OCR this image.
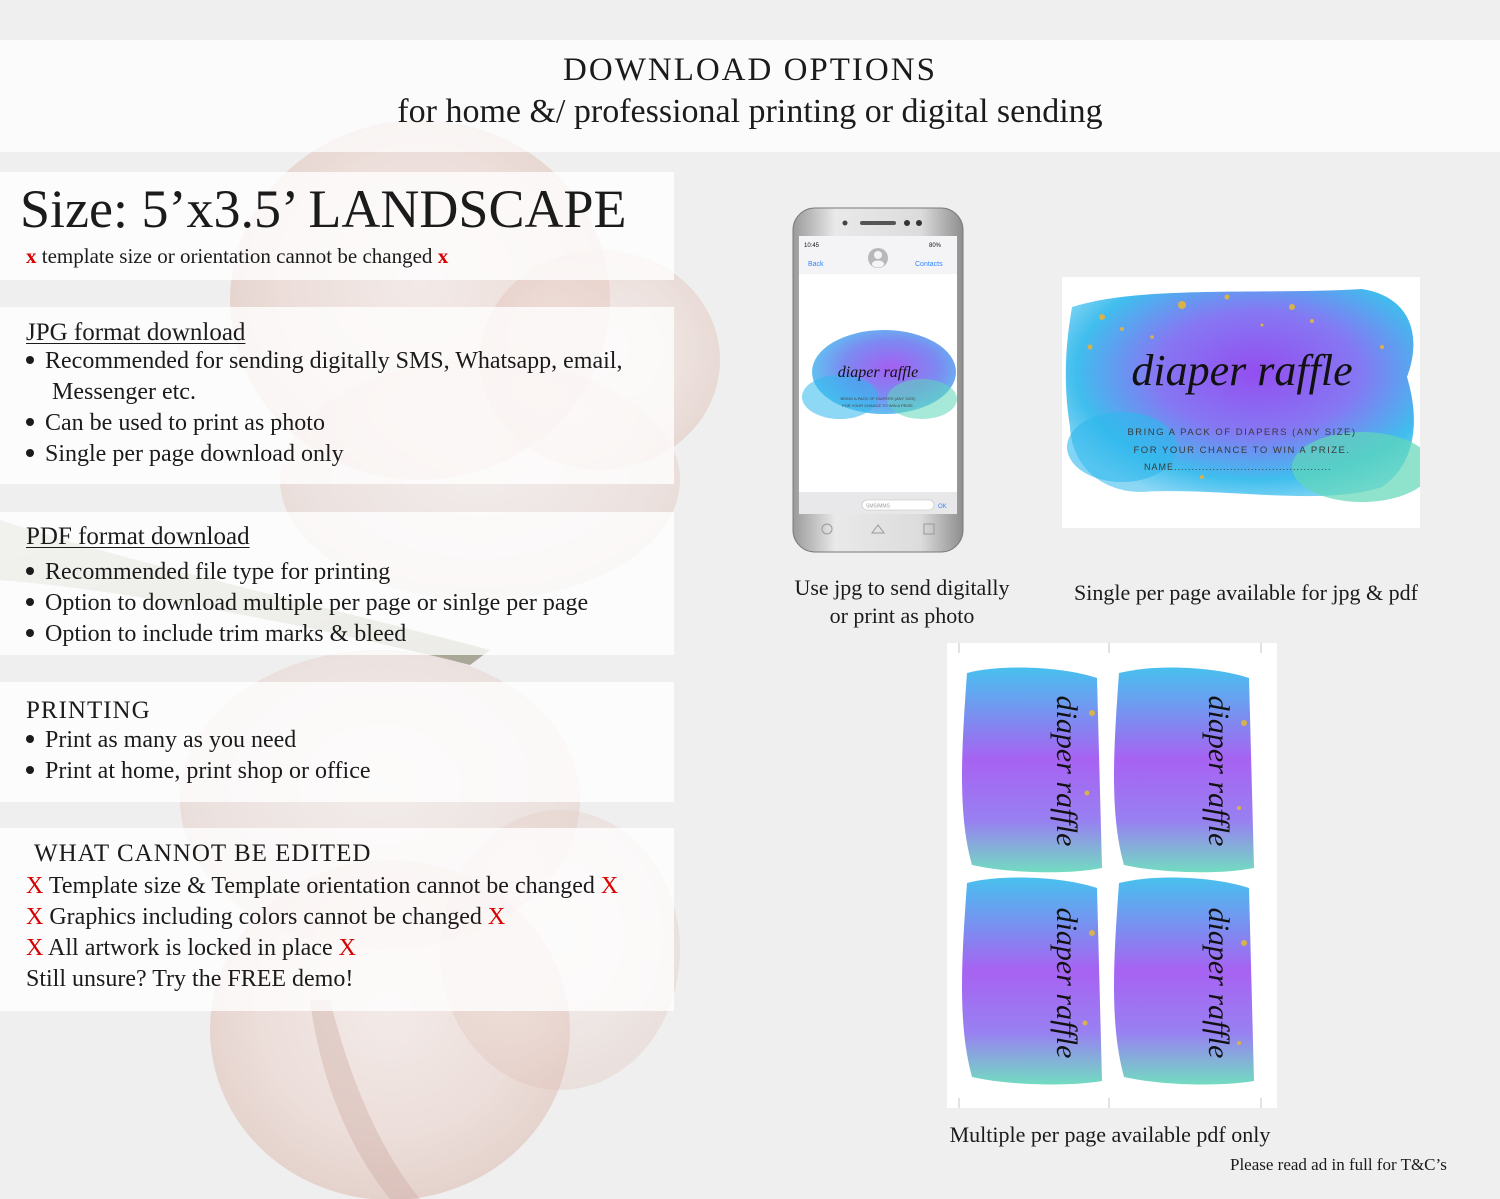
DOWNLOAD OPTIONS
for home &/ professional printing or digital sending
Size: 5’x3.5’ LANDSCAPE
x template size or orientation cannot be changed x
JPG format download
Recommended for sending digitally SMS, Whatsapp, email,
Messenger etc.
Can be used to print as photo
Single per page download only
PDF format download
Recommended file type for printing
Option to download multiple per page or sinlge per page
Option to include trim marks & bleed
PRINTING
Print as many as you need
Print at home, print shop or office
WHAT CANNOT BE EDITED
X Template size & Template orientation cannot be changed X
X Graphics including colors cannot be changed X
X All artwork is locked in place X
Still unsure? Try the FREE demo!
10:45	80%
Back	Contacts
diaper raffle
BRING A PACK OF DIAPERS (ANY SIZE)
FOR YOUR CHANCE TO WIN A PRIZE.
SMS/MMS	OK
Use jpg to send digitally
or print as photo
diaper raffle
BRING A PACK OF DIAPERS (ANY SIZE)
FOR YOUR CHANCE TO WIN A PRIZE.
NAME.............................................
InvitedtoPartiesShop
Single per page available for jpg & pdf
diaper raffle	diaper raffle
diaper raffle	diaper raffle
Multiple per page available pdf only
Please read ad in full for T&C’s
